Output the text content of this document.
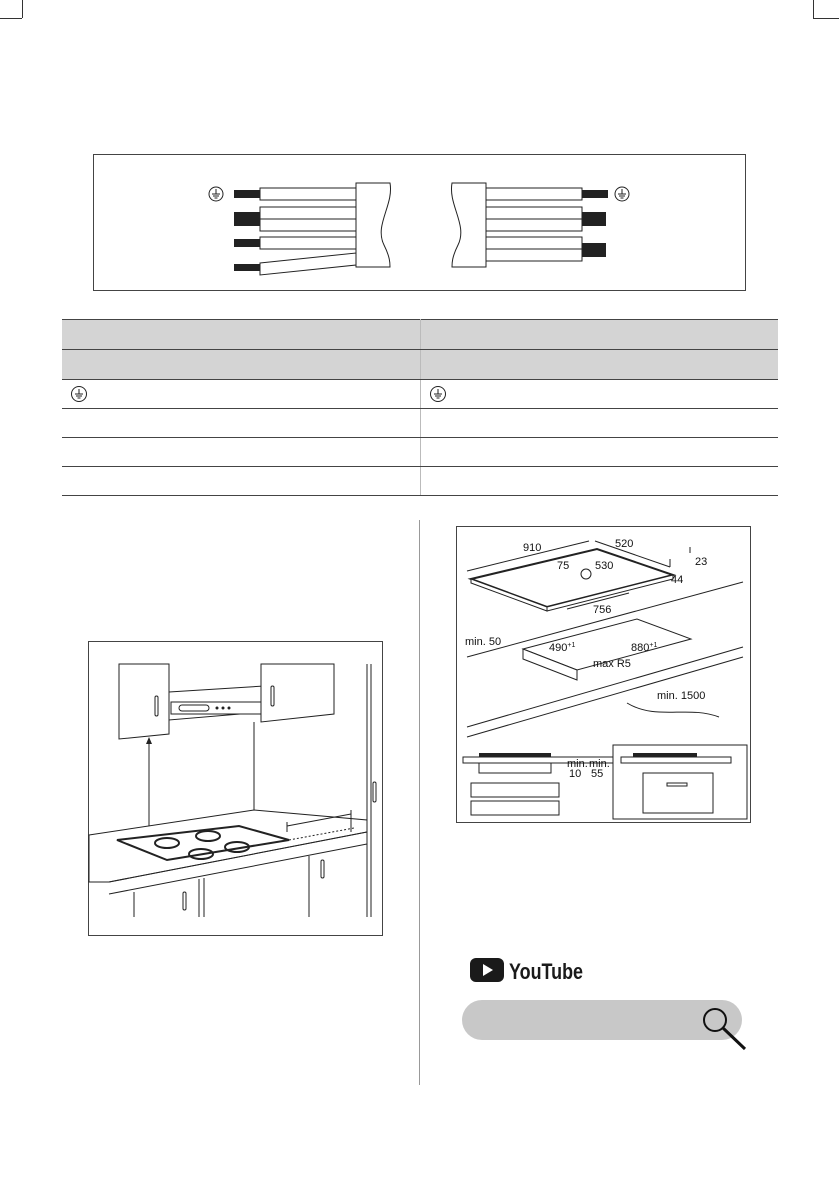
910	520
75 530	23
44
756
min. 50	$490^{+1}$	$880^{+1}$
max R5
min. 1500
min. min.
10 55
YouTube
